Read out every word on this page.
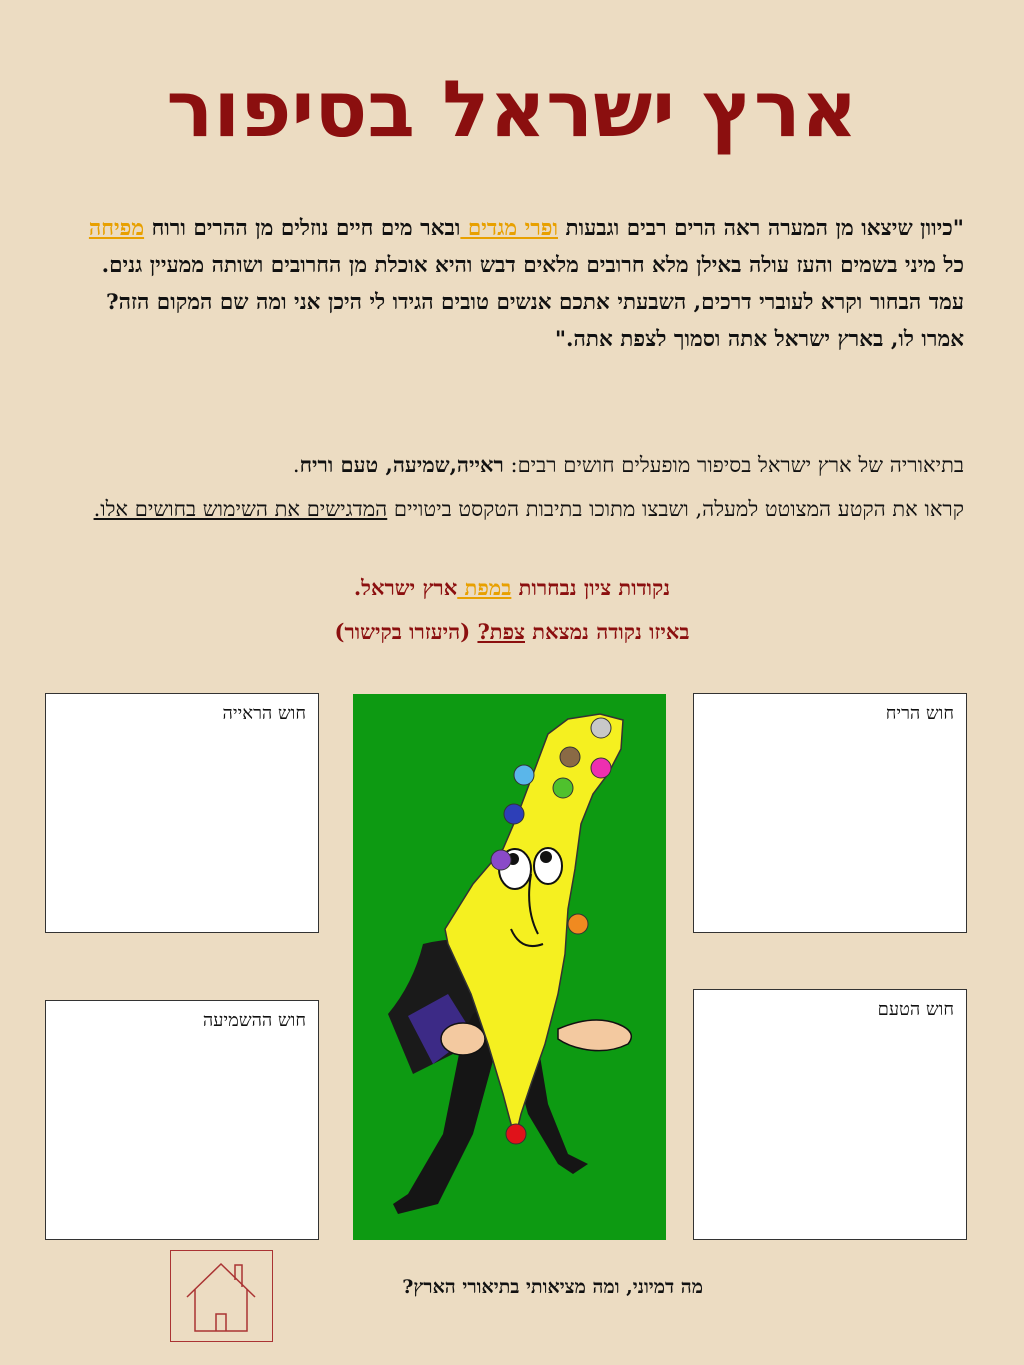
ארץ ישראל בסיפור
"כיוון שיצאו מן המערה ראה הרים רבים וגבעות ופרי מגדים ובאר מים חיים נוזלים מן ההרים ורוח מפיחה כל מיני בשמים והעז עולה באילן מלא חרובים מלאים דבש והיא אוכלת מן החרובים ושותה ממעיין גנים. עמד הבחור וקרא לעוברי דרכים, השבעתי אתכם אנשים טובים הגידו לי היכן אני ומה שם המקום הזה? אמרו לו, בארץ ישראל אתה וסמוך לצפת אתה."
בתיאוריה של ארץ ישראל בסיפור מופעלים חושים רבים: ראייה,שמיעה, טעם וריח.
קראו את הקטע המצוטט למעלה, ושבצו מתוכו בתיבות הטקסט ביטויים המדגישים את השימוש בחושים אלו.
נקודות ציון נבחרות במפת ארץ ישראל.
באיזו נקודה נמצאת צפת? (היעזרו בקישור)
חוש הראייה	חוש הריח
חוש ההשמיעה
חוש הטעם
מה דמיוני, ומה מציאותי בתיאורי הארץ?
